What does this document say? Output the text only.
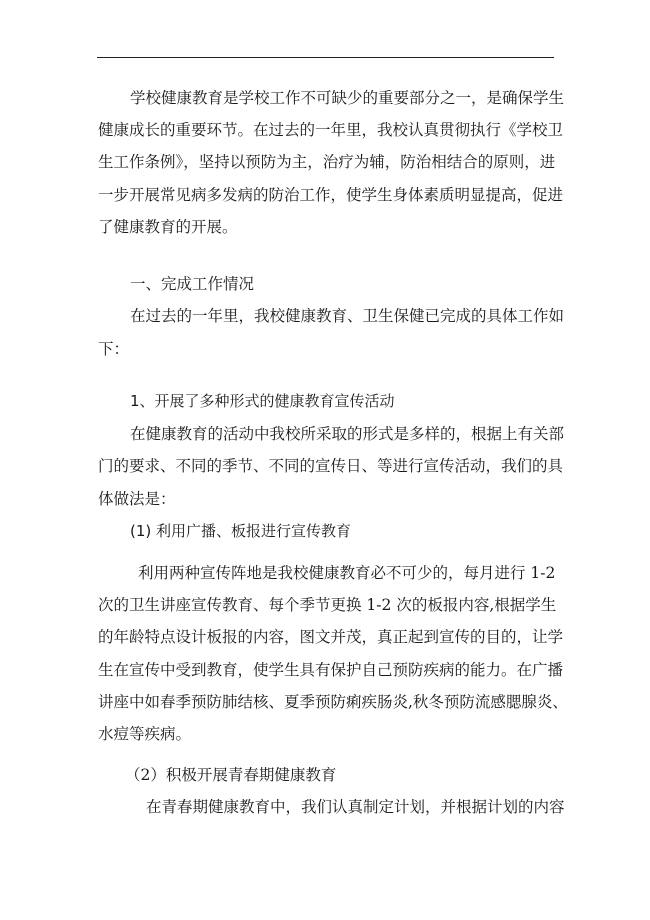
学校健康教育是学校工作不可缺少的重要部分之一，是确保学生
健康成长的重要环节。在过去的一年里，我校认真贯彻执行《学校卫
生工作条例》，坚持以预防为主，治疗为辅，防治相结合的原则，进
一步开展常见病多发病的防治工作，使学生身体素质明显提高，促进
了健康教育的开展。
一、完成工作情况
在过去的一年里，我校健康教育、卫生保健已完成的具体工作如
下：
1、开展了多种形式的健康教育宣传活动
在健康教育的活动中我校所采取的形式是多样的，根据上有关部
门的要求、不同的季节、不同的宣传日、等进行宣传活动，我们的具
体做法是：
(1) 利用广播、板报进行宣传教育
利用两种宣传阵地是我校健康教育必不可少的，每月进行 1-2
次的卫生讲座宣传教育、每个季节更换 1-2 次的板报内容,根据学生
的年龄特点设计板报的内容，图文并茂，真正起到宣传的目的，让学
生在宣传中受到教育，使学生具有保护自己预防疾病的能力。在广播
讲座中如春季预防肺结核、夏季预防痢疾肠炎,秋冬预防流感腮腺炎、
水痘等疾病。
（2）积极开展青春期健康教育
在青春期健康教育中，我们认真制定计划，并根据计划的内容
